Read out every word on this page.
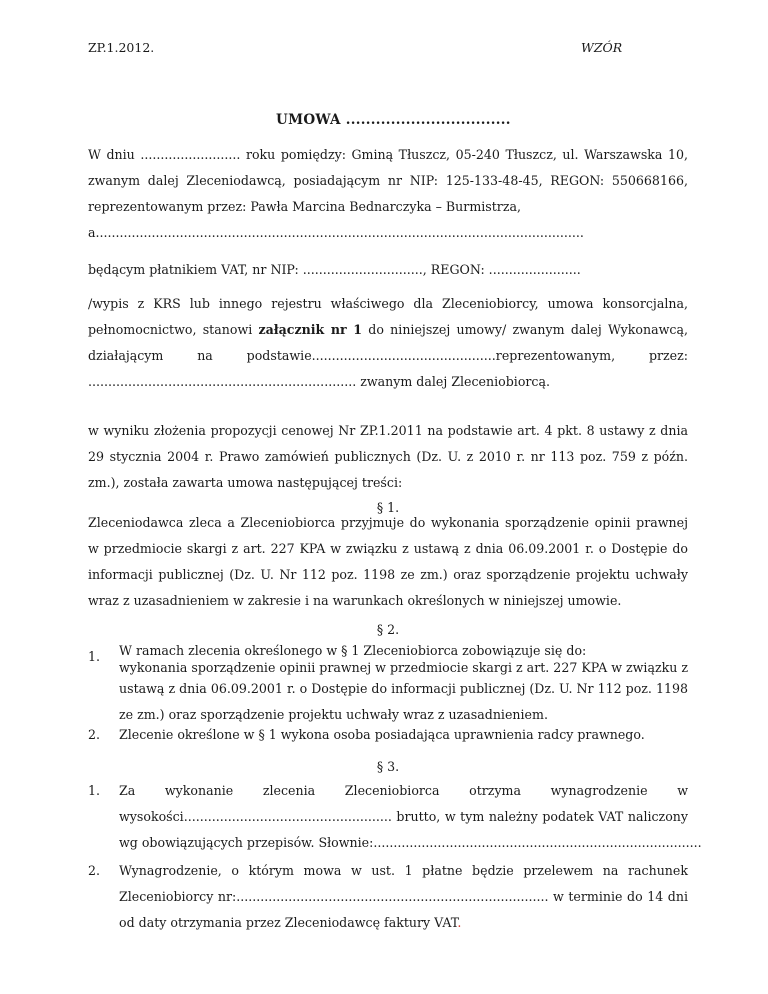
ZP.1.2012.	WZÓR
UMOWA .................................
W dniu ......................... roku pomiędzy: Gminą Tłuszcz, 05-240 Tłuszcz, ul. Warszawska 10,
zwanym dalej Zleceniodawcą, posiadającym nr NIP: 125-133-48-45, REGON: 550668166,
reprezentowanym przez: Pawła Marcina Bednarczyka – Burmistrza,
a..........................................................................................................................
będącym płatnikiem VAT, nr NIP: .............................., REGON: .......................
/wypis z KRS lub innego rejestru właściwego dla Zleceniobiorcy, umowa konsorcjalna,
pełnomocnictwo, stanowi załącznik nr 1 do niniejszej umowy/ zwanym dalej Wykonawcą,
działającym na podstawie..............................................reprezentowanym, przez:
................................................................... zwanym dalej Zleceniobiorcą.
w wyniku złożenia propozycji cenowej Nr ZP.1.2011 na podstawie art. 4 pkt. 8 ustawy z dnia
29 stycznia 2004 r. Prawo zamówień publicznych (Dz. U. z 2010 r. nr 113 poz. 759 z późn.
zm.), została zawarta umowa następującej treści:
§ 1.
Zleceniodawca zleca a Zleceniobiorca przyjmuje do wykonania sporządzenie opinii prawnej
w przedmiocie skargi z art. 227 KPA w związku z ustawą z dnia 06.09.2001 r. o Dostępie do
informacji publicznej (Dz. U. Nr 112 poz. 1198 ze zm.) oraz sporządzenie projektu uchwały
wraz z uzasadnieniem w zakresie i na warunkach określonych w niniejszej umowie.
§ 2.
1. W ramach zlecenia określonego w § 1 Zleceniobiorca zobowiązuje się do:
wykonania sporządzenie opinii prawnej w przedmiocie skargi z art. 227 KPA w związku z
ustawą z dnia 06.09.2001 r. o Dostępie do informacji publicznej (Dz. U. Nr 112 poz. 1198
ze zm.) oraz sporządzenie projektu uchwały wraz z uzasadnieniem.
2. Zlecenie określone w § 1 wykona osoba posiadająca uprawnienia radcy prawnego.
§ 3.
1. Za wykonanie zlecenia Zleceniobiorca otrzyma wynagrodzenie w
wysokości.................................................... brutto, w tym należny podatek VAT naliczony
wg obowiązujących przepisów. Słownie:..................................................................................
2. Wynagrodzenie, o którym mowa w ust. 1 płatne będzie przelewem na rachunek
Zleceniobiorcy nr:.............................................................................. w terminie do 14 dni
od daty otrzymania przez Zleceniodawcę faktury VAT.
